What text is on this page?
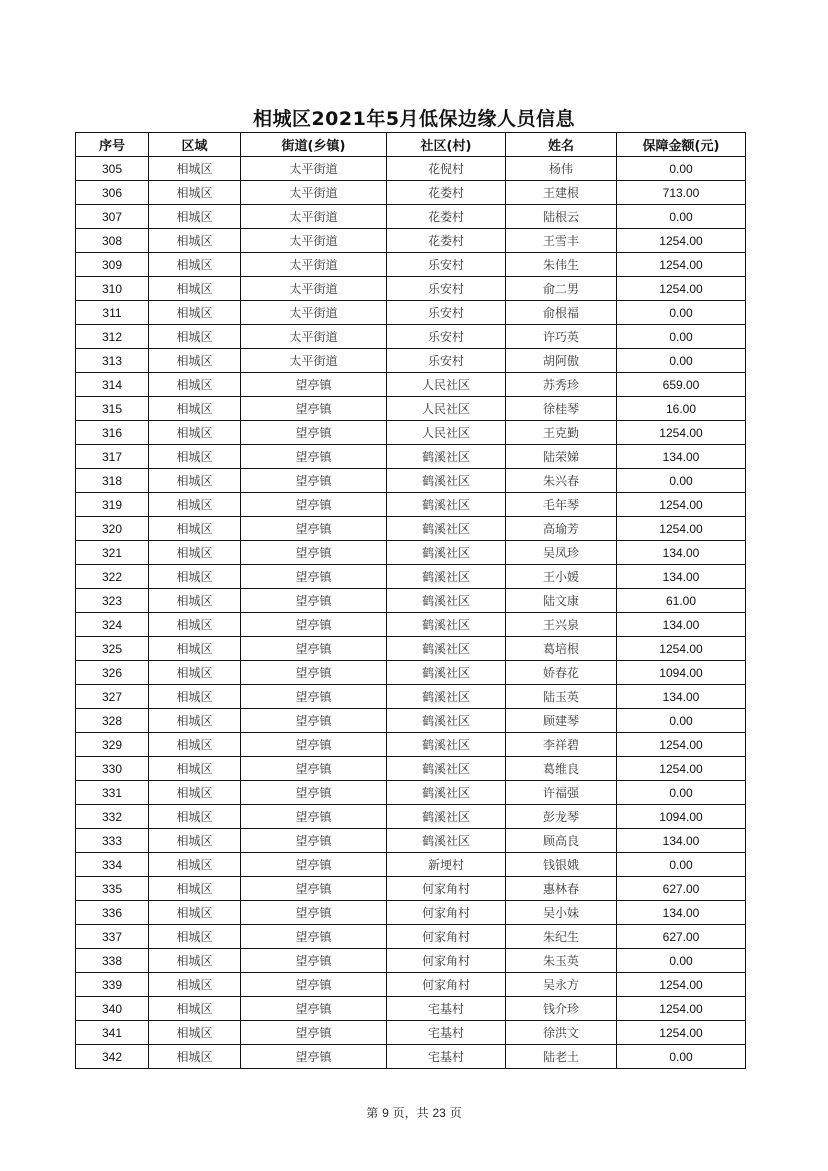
相城区2021年5月低保边缘人员信息
序号	区域	街道(乡镇)	社区(村)	姓名	保障金额(元)
305	相城区	太平街道	花倪村	杨伟	0.00
306	相城区	太平街道	花娄村	王建根	713.00
307	相城区	太平街道	花娄村	陆根云	0.00
308	相城区	太平街道	花娄村	王雪丰	1254.00
309	相城区	太平街道	乐安村	朱伟生	1254.00
310	相城区	太平街道	乐安村	俞二男	1254.00
311	相城区	太平街道	乐安村	俞根福	0.00
312	相城区	太平街道	乐安村	许巧英	0.00
313	相城区	太平街道	乐安村	胡阿傲	0.00
314	相城区	望亭镇	人民社区	苏秀珍	659.00
315	相城区	望亭镇	人民社区	徐桂琴	16.00
316	相城区	望亭镇	人民社区	王克勤	1254.00
317	相城区	望亭镇	鹤溪社区	陆荣娣	134.00
318	相城区	望亭镇	鹤溪社区	朱兴春	0.00
319	相城区	望亭镇	鹤溪社区	毛年琴	1254.00
320	相城区	望亭镇	鹤溪社区	高瑜芳	1254.00
321	相城区	望亭镇	鹤溪社区	吴凤珍	134.00
322	相城区	望亭镇	鹤溪社区	王小媛	134.00
323	相城区	望亭镇	鹤溪社区	陆文康	61.00
324	相城区	望亭镇	鹤溪社区	王兴泉	134.00
325	相城区	望亭镇	鹤溪社区	葛培根	1254.00
326	相城区	望亭镇	鹤溪社区	娇春花	1094.00
327	相城区	望亭镇	鹤溪社区	陆玉英	134.00
328	相城区	望亭镇	鹤溪社区	顾建琴	0.00
329	相城区	望亭镇	鹤溪社区	李祥碧	1254.00
330	相城区	望亭镇	鹤溪社区	葛维良	1254.00
331	相城区	望亭镇	鹤溪社区	许福强	0.00
332	相城区	望亭镇	鹤溪社区	彭龙琴	1094.00
333	相城区	望亭镇	鹤溪社区	顾高良	134.00
334	相城区	望亭镇	新埂村	钱银娥	0.00
335	相城区	望亭镇	何家角村	惠林春	627.00
336	相城区	望亭镇	何家角村	吴小妹	134.00
337	相城区	望亭镇	何家角村	朱纪生	627.00
338	相城区	望亭镇	何家角村	朱玉英	0.00
339	相城区	望亭镇	何家角村	吴永方	1254.00
340	相城区	望亭镇	宅基村	钱介珍	1254.00
341	相城区	望亭镇	宅基村	徐洪文	1254.00
342	相城区	望亭镇	宅基村	陆老土	0.00
第 9 页，共 23 页
